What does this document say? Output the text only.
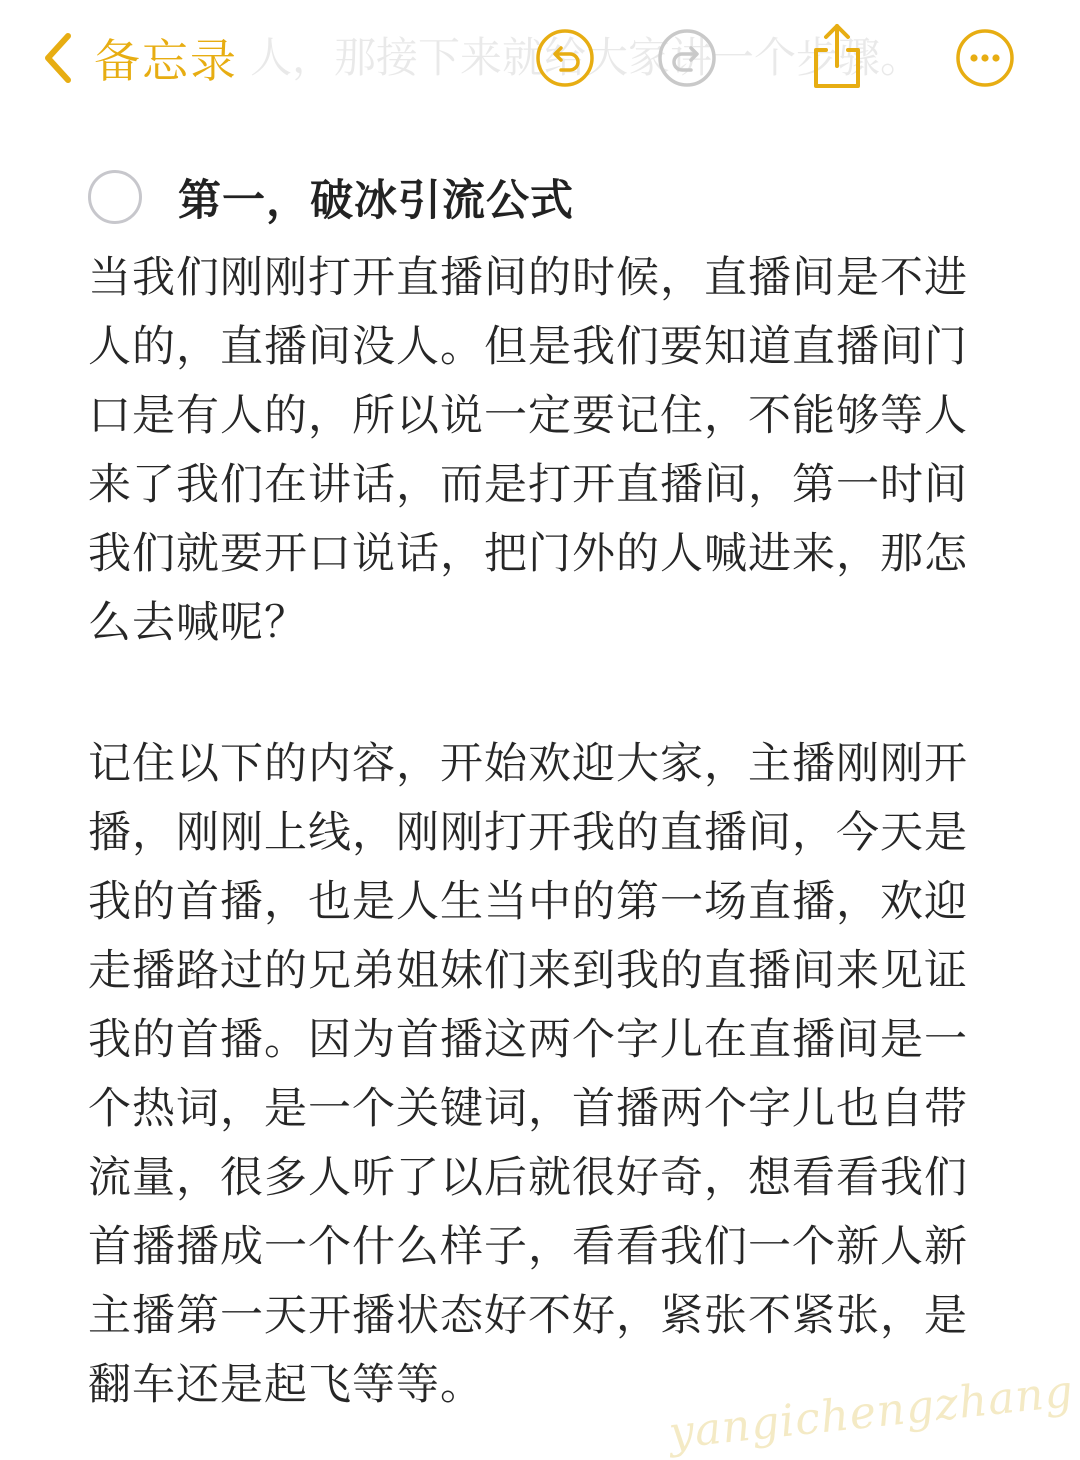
人，那接下来就给大家讲一个步骤。
备忘录
第一，破冰引流公式
当我们刚刚打开直播间的时候，直播间是不进人的，直播间没人。但是我们要知道直播间门口是有人的，所以说一定要记住，不能够等人来了我们在讲话，而是打开直播间，第一时间我们就要开口说话，把门外的人喊进来，那怎么去喊呢？
记住以下的内容，开始欢迎大家，主播刚刚开播，刚刚上线，刚刚打开我的直播间，今天是我的首播，也是人生当中的第一场直播，欢迎走播路过的兄弟姐妹们来到我的直播间来见证我的首播。因为首播这两个字儿在直播间是一个热词，是一个关键词，首播两个字儿也自带流量，很多人听了以后就很好奇，想看看我们首播播成一个什么样子，看看我们一个新人新主播第一天开播状态好不好，紧张不紧张，是翻车还是起飞等等。	yangichengzhang
